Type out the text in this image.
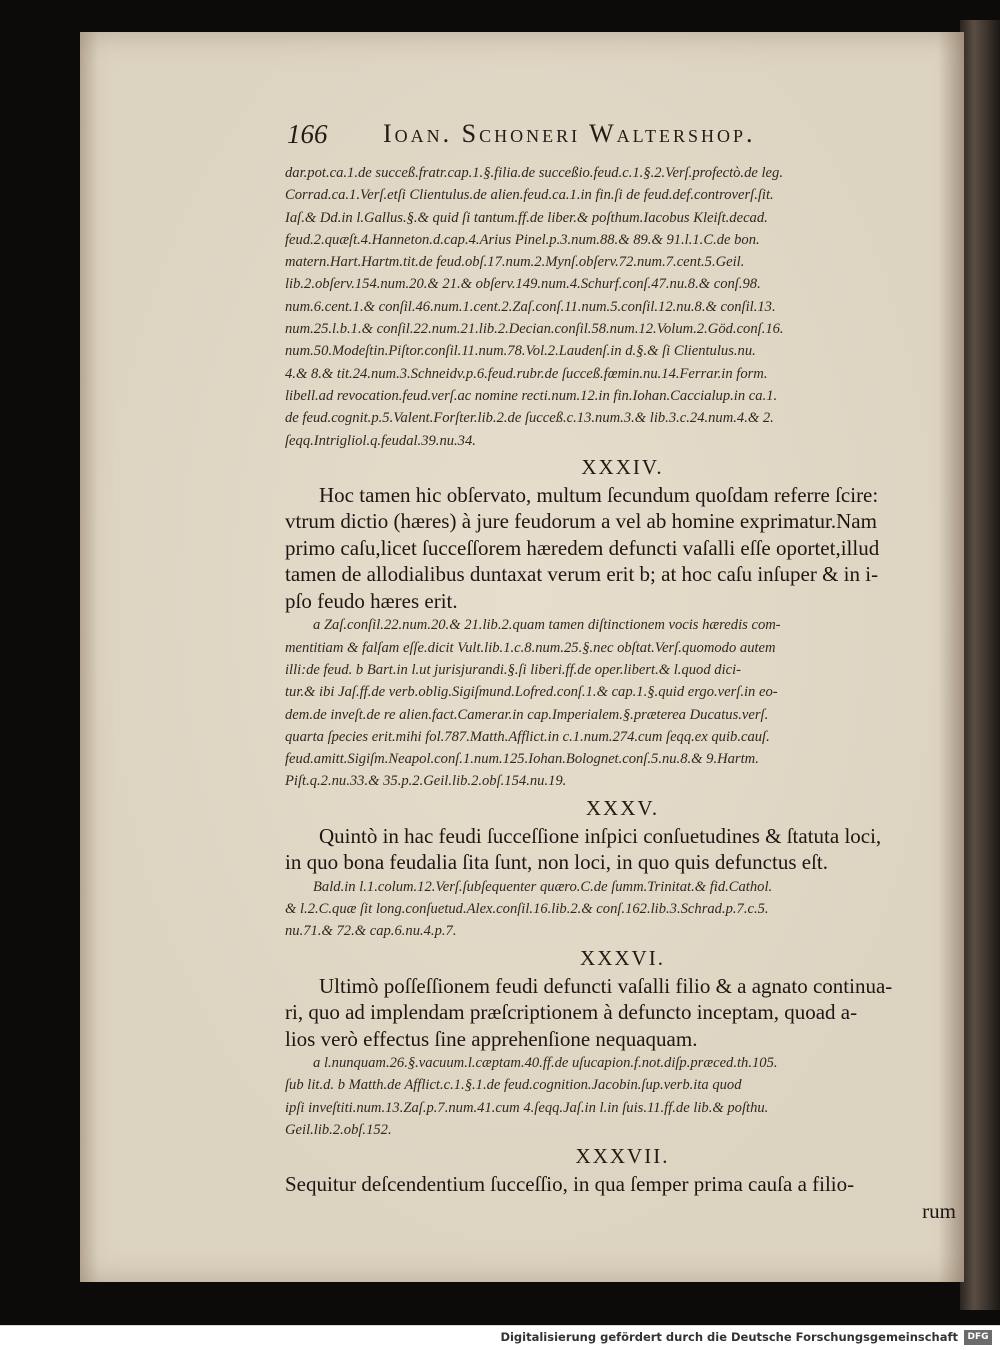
166 Ioan. Schoneri Waltershop.
dar.pot.ca.1.de succeß.fratr.cap.1.§.filia.de succeßio.feud.c.1.§.2.Verſ.profectò.de leg.
Corrad.ca.1.Verſ.etſi Clientulus.de alien.feud.ca.1.in fin.ſi de feud.def.controverſ.ſit.
Iaſ.& Dd.in l.Gallus.§.& quid ſi tantum.ff.de liber.& poſthum.Iacobus Kleiſt.decad.
feud.2.quæſt.4.Hanneton.d.cap.4.Arius Pinel.p.3.num.88.& 89.& 91.l.1.C.de bon.
matern.Hart.Hartm.tit.de feud.obſ.17.num.2.Mynſ.obſerv.72.num.7.cent.5.Geil.
lib.2.obſerv.154.num.20.& 21.& obſerv.149.num.4.Schurf.conſ.47.nu.8.& conſ.98.
num.6.cent.1.& conſil.46.num.1.cent.2.Zaſ.conſ.11.num.5.conſil.12.nu.8.& conſil.13.
num.25.l.b.1.& conſil.22.num.21.lib.2.Decian.conſil.58.num.12.Volum.2.Göd.conſ.16.
num.50.Modeſtin.Piſtor.conſil.11.num.78.Vol.2.Laudenſ.in d.§.& ſi Clientulus.nu.
4.& 8.& tit.24.num.3.Schneidv.p.6.feud.rubr.de ſucceß.fœmin.nu.14.Ferrar.in form.
libell.ad revocation.feud.verſ.ac nomine recti.num.12.in fin.Iohan.Caccialup.in ca.1.
de feud.cognit.p.5.Valent.Forſter.lib.2.de ſucceß.c.13.num.3.& lib.3.c.24.num.4.& 2.
ſeqq.Intrigliol.q.feudal.39.nu.34.
XXXIV.
Hoc tamen hic obſervato, multum ſecundum quoſdam referre ſcire:
vtrum dictio (hæres) à jure feudorum a vel ab homine exprimatur.Nam
primo caſu,licet ſucceſſorem hæredem defuncti vaſalli eſſe oportet,illud
tamen de allodialibus duntaxat verum erit b; at hoc caſu inſuper & in i-
pſo feudo hæres erit.
a Zaſ.conſil.22.num.20.& 21.lib.2.quam tamen diſtinctionem vocis hæredis com-
mentitiam & falſam eſſe.dicit Vult.lib.1.c.8.num.25.§.nec obſtat.Verſ.quomodo autem
illi:de feud. b Bart.in l.ut jurisjurandi.§.ſi liberi.ff.de oper.libert.& l.quod dici-
tur.& ibi Jaſ.ff.de verb.oblig.Sigiſmund.Lofred.conſ.1.& cap.1.§.quid ergo.verſ.in eo-
dem.de inveſt.de re alien.fact.Camerar.in cap.Imperialem.§.præterea Ducatus.verſ.
quarta ſpecies erit.mihi fol.787.Matth.Afflict.in c.1.num.274.cum ſeqq.ex quib.cauſ.
feud.amitt.Sigiſm.Neapol.conſ.1.num.125.Iohan.Bolognet.conſ.5.nu.8.& 9.Hartm.
Piſt.q.2.nu.33.& 35.p.2.Geil.lib.2.obſ.154.nu.19.
XXXV.
Quintò in hac feudi ſucceſſione inſpici conſuetudines & ſtatuta loci,
in quo bona feudalia ſita ſunt, non loci, in quo quis defunctus eſt.
Bald.in l.1.colum.12.Verſ.ſubſequenter quæro.C.de ſumm.Trinitat.& fid.Cathol.
& l.2.C.quæ ſit long.conſuetud.Alex.conſil.16.lib.2.& conſ.162.lib.3.Schrad.p.7.c.5.
nu.71.& 72.& cap.6.nu.4.p.7.
XXXVI.
Ultimò poſſeſſionem feudi defuncti vaſalli filio & a agnato continua-
ri, quo ad implendam præſcriptionem à defuncto inceptam, quoad a-
lios verò effectus ſine apprehenſione nequaquam.
a l.nunquam.26.§.vacuum.l.cæptam.40.ff.de uſucapion.f.not.diſp.præced.th.105.
ſub lit.d. b Matth.de Afflict.c.1.§.1.de feud.cognition.Jacobin.ſup.verb.ita quod
ipſi inveſtiti.num.13.Zaſ.p.7.num.41.cum 4.ſeqq.Jaſ.in l.in ſuis.11.ff.de lib.& poſthu.
Geil.lib.2.obſ.152.
XXXVII.
Sequitur deſcendentium ſucceſſio, in qua ſemper prima cauſa a filio-
rum
Digitalisierung gefördert durch die Deutsche Forschungsgemeinschaft	DFG
